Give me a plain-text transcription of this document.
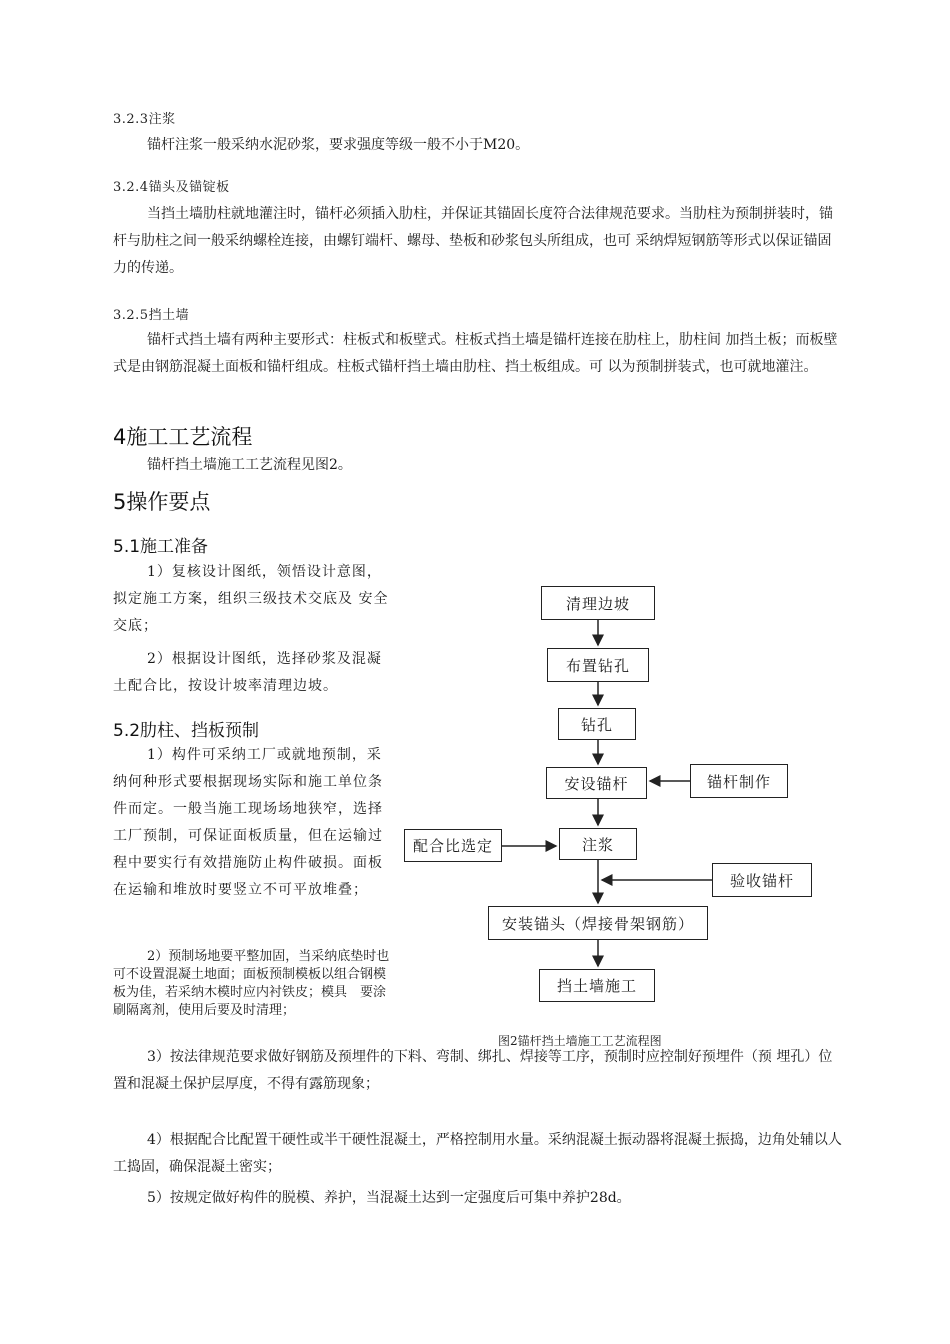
3.2.3注浆

锚杆注浆一般采纳水泥砂浆，要求强度等级一般不小于M20。

3.2.4锚头及锚锭板

当挡土墙肋柱就地灌注时，锚杆必须插入肋柱，并保证其锚固长度符合法律规范要求。当肋柱为预制拼装时，锚杆与肋柱之间一般采纳螺栓连接，由螺钉端杆、螺母、垫板和砂浆包头所组成，也可 采纳焊短钢筋等形式以保证锚固力的传递。

3.2.5挡土墙

锚杆式挡土墙有两种主要形式：柱板式和板壁式。柱板式挡土墙是锚杆连接在肋柱上，肋柱间 加挡土板；而板壁式是由钢筋混凝土面板和锚杆组成。柱板式锚杆挡土墙由肋柱、挡土板组成。可 以为预制拼装式，也可就地灌注。

4施工工艺流程

锚杆挡土墙施工工艺流程见图2。

5操作要点
5.1施工准备

1）复核设计图纸，领悟设计意图， 拟定施工方案，组织三级技术交底及 安全交底；

2）根据设计图纸，选择砂浆及混凝土配合比，按设计坡率清理边坡。

5.2肋柱、挡板预制

1）构件可采纳工厂或就地预制，采纳何种形式要根据现场实际和施工单位条件而定。一般当施工现场场地狭窄，选择工厂预制，可保证面板质量，但在运输过程中要实行有效措施防止构件破损。面板在运输和堆放时要竖立不可平放堆叠；

2）预制场地要平整加固，当采纳底垫时也可不设置混凝土地面；面板预制模板以组合钢模板为佳，若采纳木模时应内衬铁皮；模具　要涂刷隔离剂，使用后要及时清理；

3）按法律规范要求做好钢筋及预埋件的下料、弯制、绑扎、焊接等工序，预制时应控制好预埋件（预 埋孔）位置和混凝土保护层厚度，不得有露筋现象；

4）根据配合比配置干硬性或半干硬性混凝土，严格控制用水量。采纳混凝土振动器将混凝土振捣，边角处辅以人工捣固，确保混凝土密实；

5）按规定做好构件的脱模、养护，当混凝土达到一定强度后可集中养护28d。

清理边坡
布置钻孔
钻孔
安设锚杆	锚杆制作
配合比选定	注浆
验收锚杆
安装锚头（焊接骨架钢筋）
挡土墙施工
图2锚杆挡土墙施工工艺流程图
